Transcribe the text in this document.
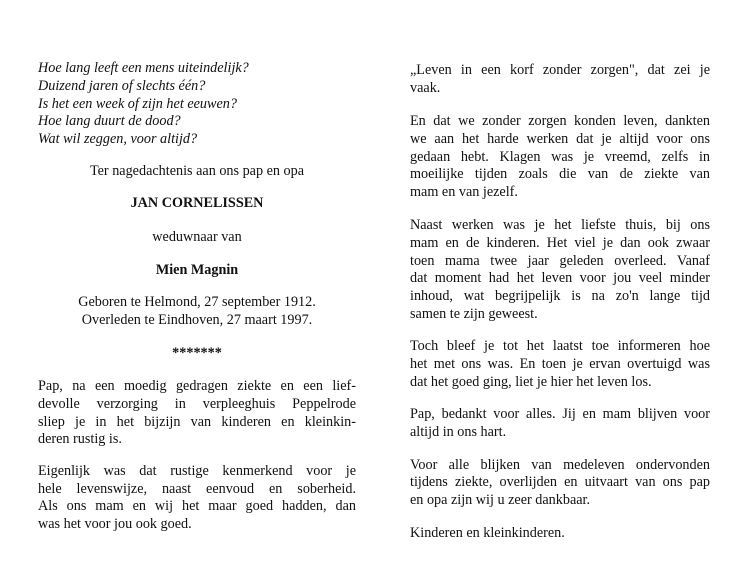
Hoe lang leeft een mens uiteindelijk?
Duizend jaren of slechts één?
Is het een week of zijn het eeuwen?
Hoe lang duurt de dood?
Wat wil zeggen, voor altijd?
Ter nagedachtenis aan ons pap en opa
JAN CORNELISSEN
weduwnaar van
Mien Magnin
Geboren te Helmond, 27 september 1912.
Overleden te Eindhoven, 27 maart 1997.
*******
Pap, na een moedig gedragen ziekte en een lief-
devolle verzorging in verpleeghuis Peppelrode
sliep je in het bijzijn van kinderen en kleinkin-
deren rustig is.
Eigenlijk was dat rustige kenmerkend voor je
hele levenswijze, naast eenvoud en soberheid.
Als ons mam en wij het maar goed hadden, dan
was het voor jou ook goed.
„Leven in een korf zonder zorgen", dat zei je
vaak.
En dat we zonder zorgen konden leven, dankten
we aan het harde werken dat je altijd voor ons
gedaan hebt. Klagen was je vreemd, zelfs in
moeilijke tijden zoals die van de ziekte van
mam en van jezelf.
Naast werken was je het liefste thuis, bij ons
mam en de kinderen. Het viel je dan ook zwaar
toen mama twee jaar geleden overleed. Vanaf
dat moment had het leven voor jou veel minder
inhoud, wat begrijpelijk is na zo'n lange tijd
samen te zijn geweest.
Toch bleef je tot het laatst toe informeren hoe
het met ons was. En toen je ervan overtuigd was
dat het goed ging, liet je hier het leven los.
Pap, bedankt voor alles. Jij en mam blijven voor
altijd in ons hart.
Voor alle blijken van medeleven ondervonden
tijdens ziekte, overlijden en uitvaart van ons pap
en opa zijn wij u zeer dankbaar.
Kinderen en kleinkinderen.
